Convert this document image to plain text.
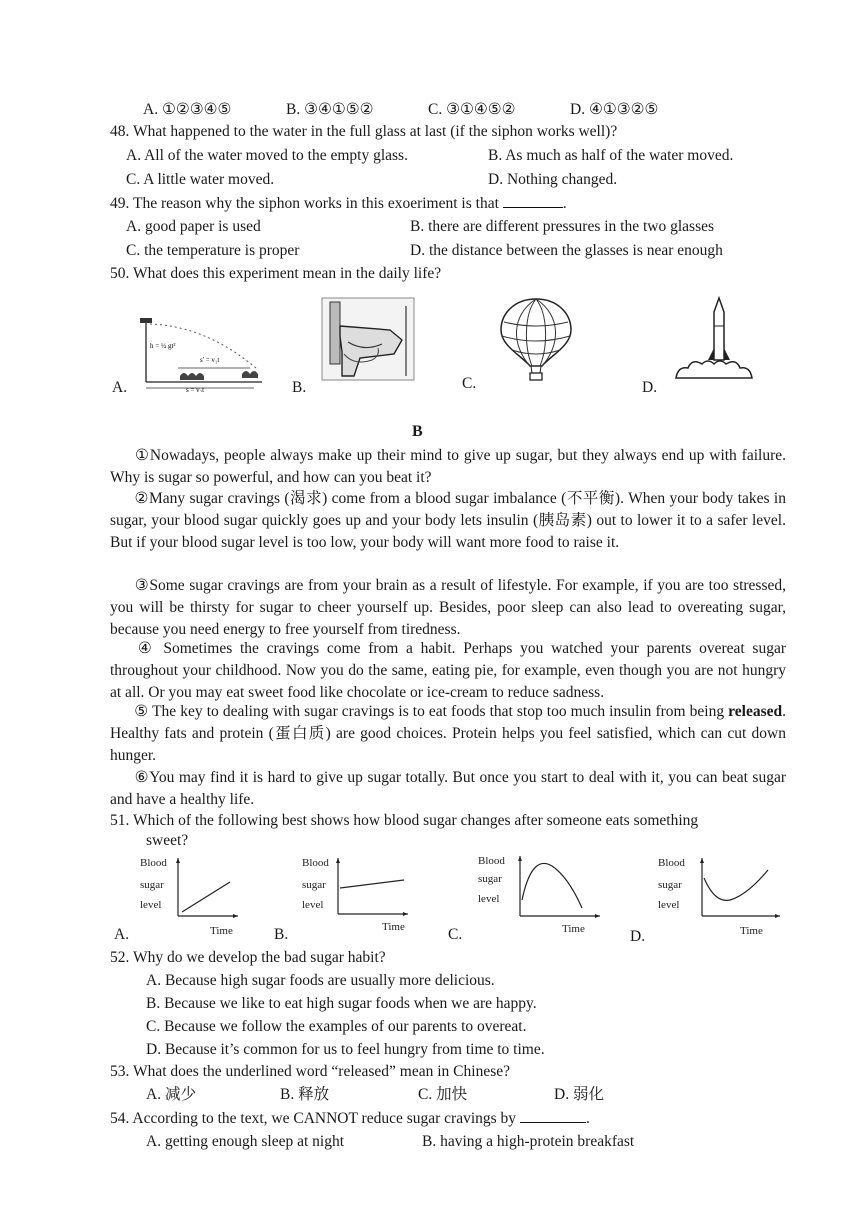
A. ①②③④⑤	B. ③④①⑤②	C. ③①④⑤②	D. ④①③②⑤
48. What happened to the water in the full glass at last (if the siphon works well)?
A. All of the water moved to the empty glass.	B. As much as half of the water moved.
C. A little water moved.	D. Nothing changed.
49. The reason why the siphon works in this exoeriment is that	.
A. good paper is used	B. there are different pressures in the two glasses
C. the temperature is proper	D. the distance between the glasses is near enough
50. What does this experiment mean in the daily life?
h = ½ gt²
s' = v₁t
s = v₂t
A.	B.	C.	D.
B
①Nowadays, people always make up their mind to give up sugar, but they always end up with failure. Why is sugar so powerful, and how can you beat it?
②Many sugar cravings (渴求) come from a blood sugar imbalance (不平衡). When your body takes in sugar, your blood sugar quickly goes up and your body lets insulin (胰岛素) out to lower it to a safer level. But if your blood sugar level is too low, your body will want more food to raise it.
③Some sugar cravings are from your brain as a result of lifestyle. For example, if you are too stressed, you will be thirsty for sugar to cheer yourself up. Besides, poor sleep can also lead to overeating sugar, because you need energy to free yourself from tiredness.
④ Sometimes the cravings come from a habit. Perhaps you watched your parents overeat sugar throughout your childhood. Now you do the same, eating pie, for example, even though you are not hungry at all. Or you may eat sweet food like chocolate or ice-cream to reduce sadness.
⑤ The key to dealing with sugar cravings is to eat foods that stop too much insulin from being released. Healthy fats and protein (蛋白质) are good choices. Protein helps you feel satisfied, which can cut down hunger.
⑥You may find it is hard to give up sugar totally. But once you start to deal with it, you can beat sugar and have a healthy life.
51. Which of the following best shows how blood sugar changes after someone eats something
sweet?
Blood
sugar
level
Time
A.
Blood
sugar
level
Time
B.
Blood
sugar
level
Time
C.
Blood
sugar
level
Time
D.
52. Why do we develop the bad sugar habit?
A. Because high sugar foods are usually more delicious.
B. Because we like to eat high sugar foods when we are happy.
C. Because we follow the examples of our parents to overeat.
D. Because it’s common for us to feel hungry from time to time.
53. What does the underlined word “released” mean in Chinese?
A. 减少	B. 释放	C. 加快	D. 弱化
54. According to the text, we CANNOT reduce sugar cravings by	.
A. getting enough sleep at night	B. having a high-protein breakfast
